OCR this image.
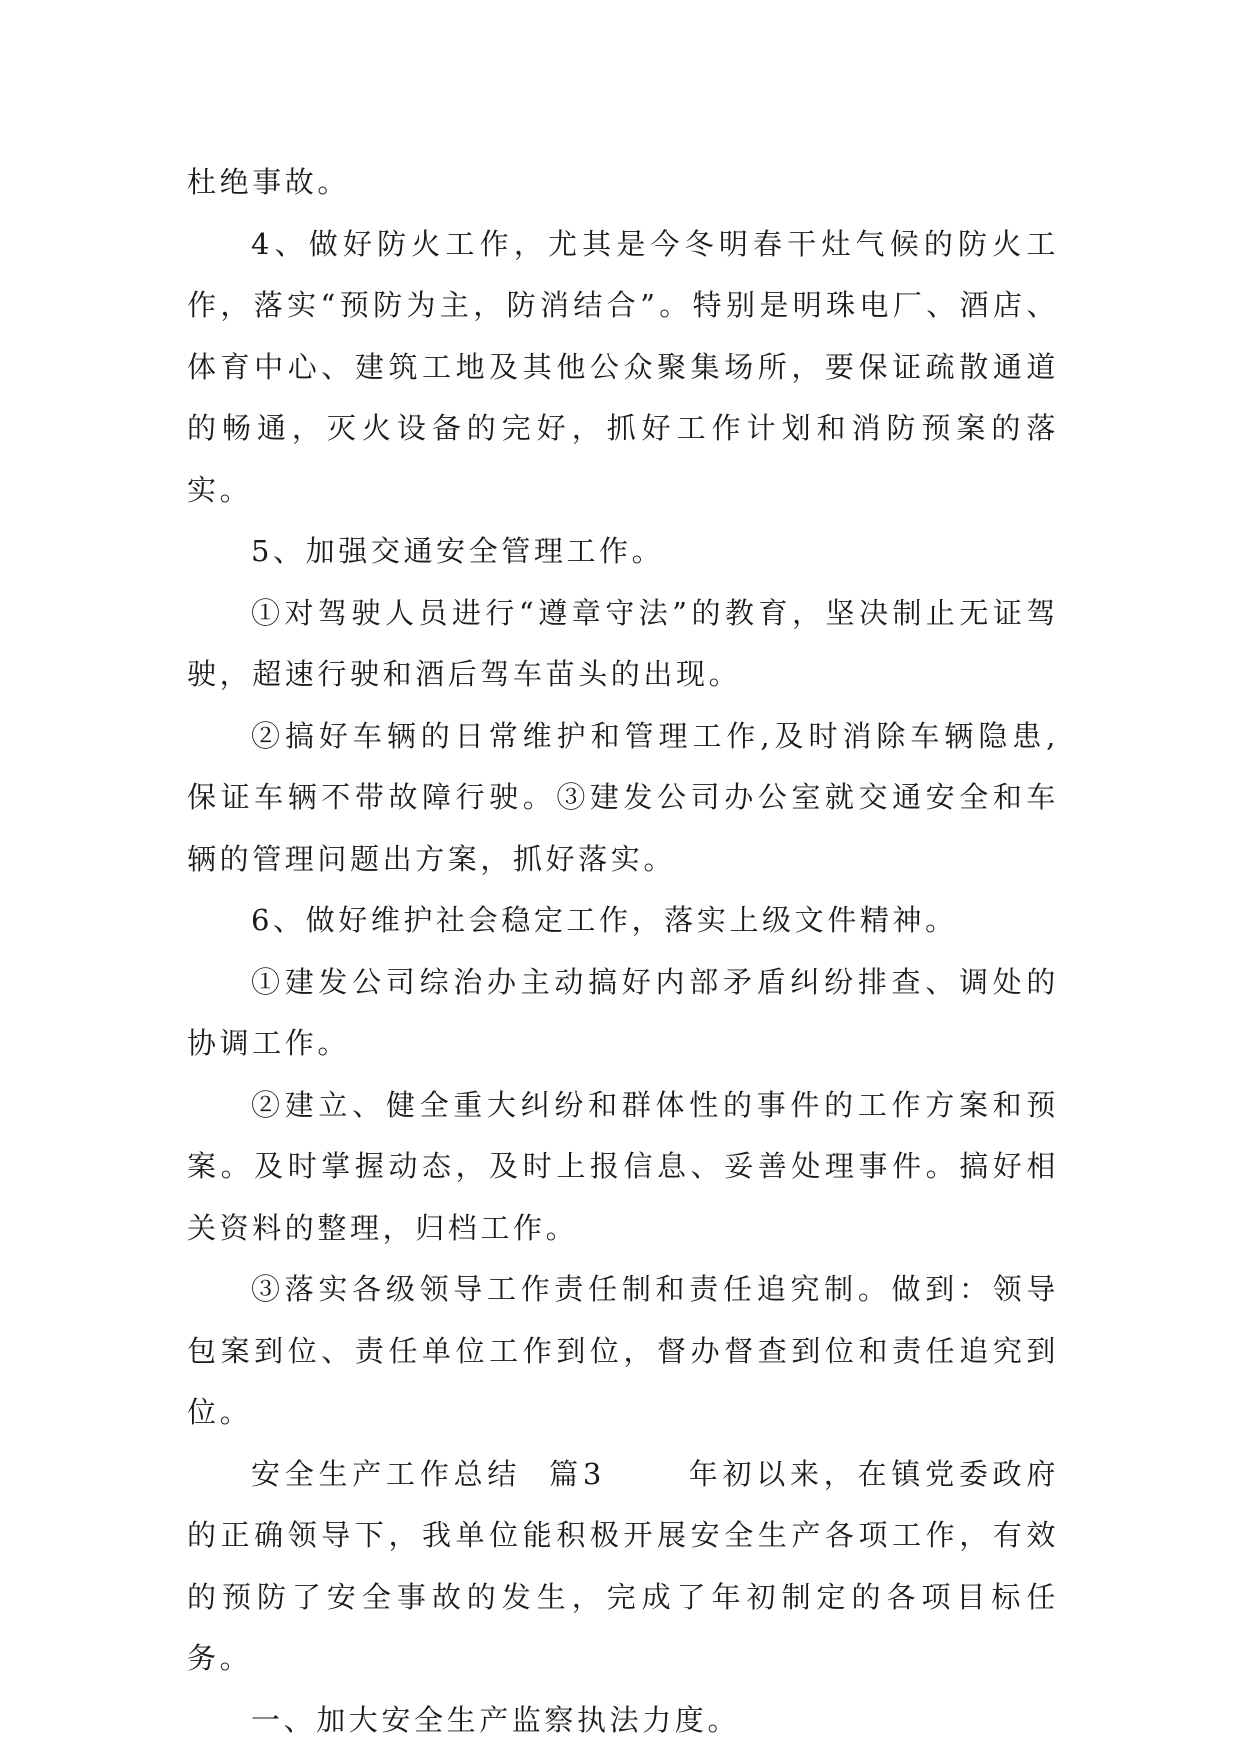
杜绝事故。

4、做好防火工作，尤其是今冬明春干灶气候的防火工作，落实“预防为主，防消结合”。特别是明珠电厂、酒店、体育中心、建筑工地及其他公众聚集场所，要保证疏散通道的畅通，灭火设备的完好，抓好工作计划和消防预案的落实。

5、加强交通安全管理工作。

①对驾驶人员进行“遵章守法”的教育，坚决制止无证驾驶，超速行驶和酒后驾车苗头的出现。

②搞好车辆的日常维护和管理工作,及时消除车辆隐患,保证车辆不带故障行驶。③建发公司办公室就交通安全和车辆的管理问题出方案，抓好落实。

6、做好维护社会稳定工作，落实上级文件精神。

①建发公司综治办主动搞好内部矛盾纠纷排查、调处的协调工作。

②建立、健全重大纠纷和群体性的事件的工作方案和预案。及时掌握动态，及时上报信息、妥善处理事件。搞好相关资料的整理，归档工作。

③落实各级领导工作责任制和责任追究制。做到：领导包案到位、责任单位工作到位，督办督查到位和责任追究到位。

安全生产工作总结  篇3      年初以来，在镇党委政府的正确领导下，我单位能积极开展安全生产各项工作，有效的预防了安全事故的发生，完成了年初制定的各项目标任务。

一、加大安全生产监察执法力度。
